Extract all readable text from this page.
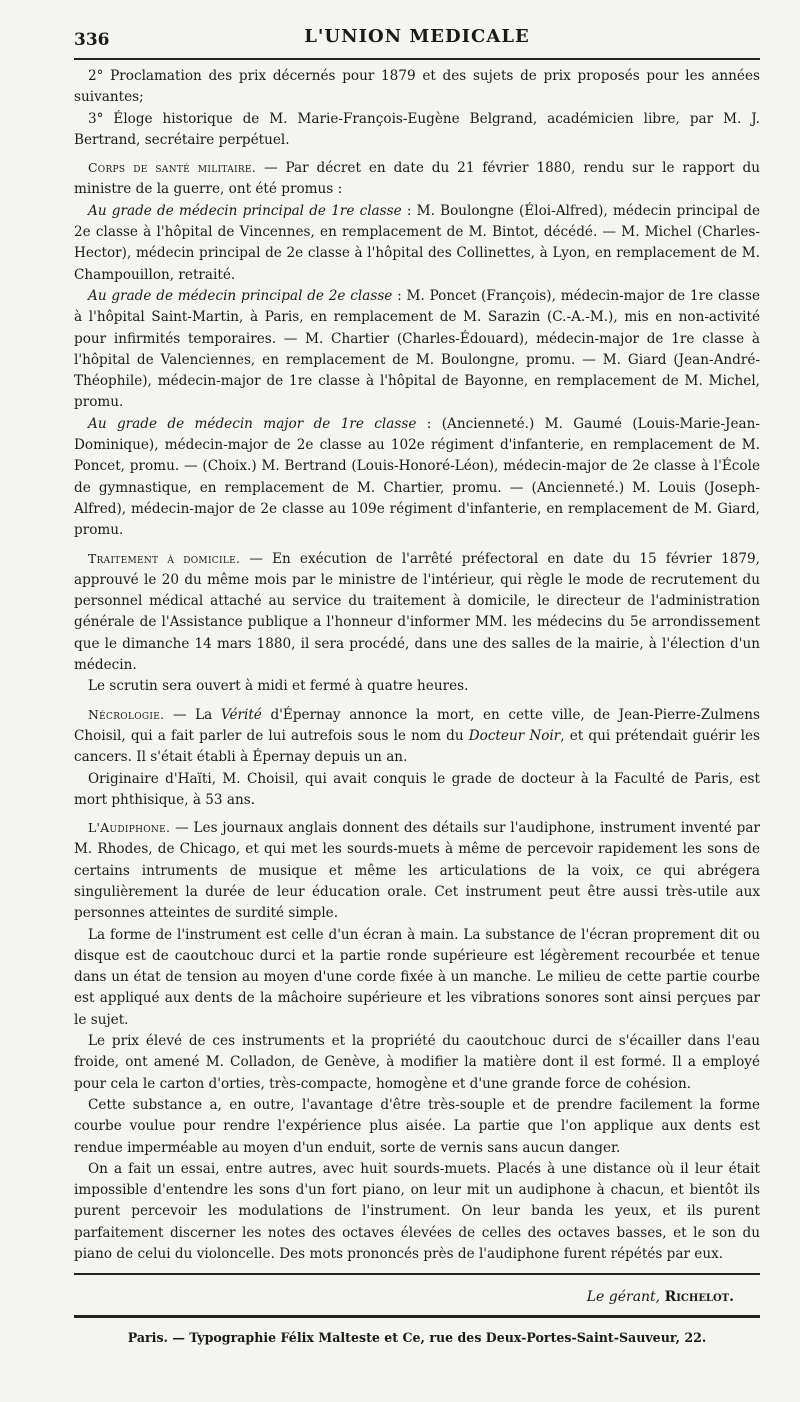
336	L'UNION MEDICALE

2° Proclamation des prix décernés pour 1879 et des sujets de prix proposés pour les années suivantes;

3° Éloge historique de M. Marie-François-Eugène Belgrand, académicien libre, par M. J. Bertrand, secrétaire perpétuel.

Corps de santé militaire. — Par décret en date du 21 février 1880, rendu sur le rapport du ministre de la guerre, ont été promus :

Au grade de médecin principal de 1re classe : M. Boulongne (Éloi-Alfred), médecin principal de 2e classe à l'hôpital de Vincennes, en remplacement de M. Bintot, décédé. — M. Michel (Charles-Hector), médecin principal de 2e classe à l'hôpital des Collinettes, à Lyon, en remplacement de M. Champouillon, retraité.

Au grade de médecin principal de 2e classe : M. Poncet (François), médecin-major de 1re classe à l'hôpital Saint-Martin, à Paris, en remplacement de M. Sarazin (C.-A.-M.), mis en non-activité pour infirmités temporaires. — M. Chartier (Charles-Édouard), médecin-major de 1re classe à l'hôpital de Valenciennes, en remplacement de M. Boulongne, promu. — M. Giard (Jean-André-Théophile), médecin-major de 1re classe à l'hôpital de Bayonne, en remplacement de M. Michel, promu.

Au grade de médecin major de 1re classe : (Ancienneté.) M. Gaumé (Louis-Marie-Jean-Dominique), médecin-major de 2e classe au 102e régiment d'infanterie, en remplacement de M. Poncet, promu. — (Choix.) M. Bertrand (Louis-Honoré-Léon), médecin-major de 2e classe à l'École de gymnastique, en remplacement de M. Chartier, promu. — (Ancienneté.) M. Louis (Joseph-Alfred), médecin-major de 2e classe au 109e régiment d'infanterie, en remplacement de M. Giard, promu.

Traitement à domicile. — En exécution de l'arrêté préfectoral en date du 15 février 1879, approuvé le 20 du même mois par le ministre de l'intérieur, qui règle le mode de recrutement du personnel médical attaché au service du traitement à domicile, le directeur de l'administration générale de l'Assistance publique a l'honneur d'informer MM. les médecins du 5e arrondissement que le dimanche 14 mars 1880, il sera procédé, dans une des salles de la mairie, à l'élection d'un médecin.

Le scrutin sera ouvert à midi et fermé à quatre heures.

Nécrologie. — La Vérité d'Épernay annonce la mort, en cette ville, de Jean-Pierre-Zulmens Choisil, qui a fait parler de lui autrefois sous le nom du Docteur Noir, et qui prétendait guérir les cancers. Il s'était établi à Épernay depuis un an.

Originaire d'Haïti, M. Choisil, qui avait conquis le grade de docteur à la Faculté de Paris, est mort phthisique, à 53 ans.

L'Audiphone. — Les journaux anglais donnent des détails sur l'audiphone, instrument inventé par M. Rhodes, de Chicago, et qui met les sourds-muets à même de percevoir rapidement les sons de certains intruments de musique et même les articulations de la voix, ce qui abrégera singulièrement la durée de leur éducation orale. Cet instrument peut être aussi très-utile aux personnes atteintes de surdité simple.

La forme de l'instrument est celle d'un écran à main. La substance de l'écran proprement dit ou disque est de caoutchouc durci et la partie ronde supérieure est légèrement recourbée et tenue dans un état de tension au moyen d'une corde fixée à un manche. Le milieu de cette partie courbe est appliqué aux dents de la mâchoire supérieure et les vibrations sonores sont ainsi perçues par le sujet.

Le prix élevé de ces instruments et la propriété du caoutchouc durci de s'écailler dans l'eau froide, ont amené M. Colladon, de Genève, à modifier la matière dont il est formé. Il a employé pour cela le carton d'orties, très-compacte, homogène et d'une grande force de cohésion.

Cette substance a, en outre, l'avantage d'être très-souple et de prendre facilement la forme courbe voulue pour rendre l'expérience plus aisée. La partie que l'on applique aux dents est rendue imperméable au moyen d'un enduit, sorte de vernis sans aucun danger.

On a fait un essai, entre autres, avec huit sourds-muets. Placés à une distance où il leur était impossible d'entendre les sons d'un fort piano, on leur mit un audiphone à chacun, et bientôt ils purent percevoir les modulations de l'instrument. On leur banda les yeux, et ils purent parfaitement discerner les notes des octaves élevées de celles des octaves basses, et le son du piano de celui du violoncelle. Des mots prononcés près de l'audiphone furent répétés par eux.

Le gérant, Richelot.
Paris. — Typographie Félix Malteste et Ce, rue des Deux-Portes-Saint-Sauveur, 22.
